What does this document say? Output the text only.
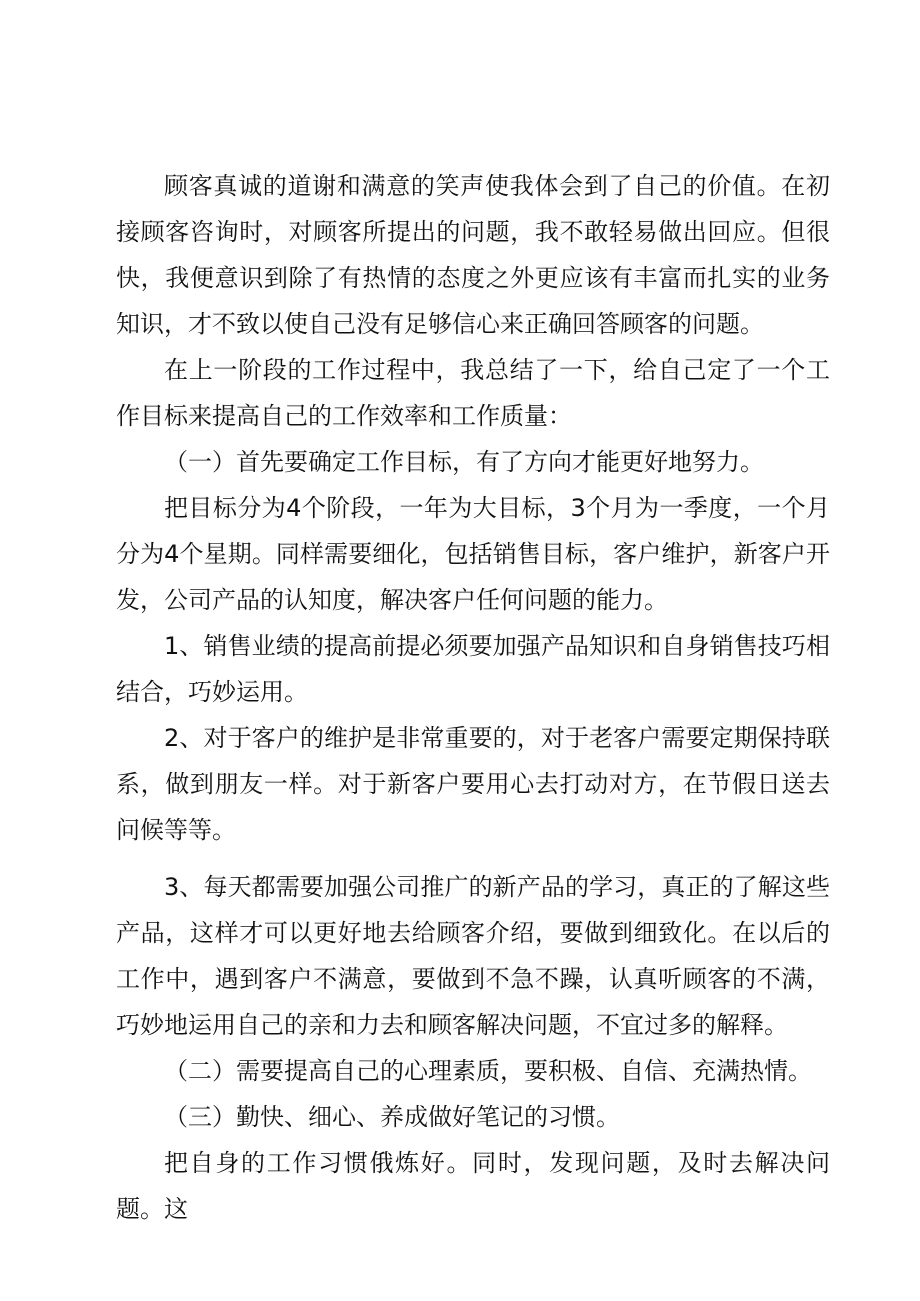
顾客真诚的道谢和满意的笑声使我体会到了自己的价值。在初接顾客咨询时，对顾客所提出的问题，我不敢轻易做出回应。但很快，我便意识到除了有热情的态度之外更应该有丰富而扎实的业务知识，才不致以使自己没有足够信心来正确回答顾客的问题。

在上一阶段的工作过程中，我总结了一下，给自己定了一个工作目标来提高自己的工作效率和工作质量：

（一）首先要确定工作目标，有了方向才能更好地努力。

把目标分为4个阶段，一年为大目标，3个月为一季度，一个月分为4个星期。同样需要细化，包括销售目标，客户维护，新客户开发，公司产品的认知度，解决客户任何问题的能力。

1、销售业绩的提高前提必须要加强产品知识和自身销售技巧相结合，巧妙运用。

2、对于客户的维护是非常重要的，对于老客户需要定期保持联系，做到朋友一样。对于新客户要用心去打动对方，在节假日送去问候等等。

3、每天都需要加强公司推广的新产品的学习，真正的了解这些产品，这样才可以更好地去给顾客介绍，要做到细致化。在以后的工作中，遇到客户不满意，要做到不急不躁，认真听顾客的不满，巧妙地运用自己的亲和力去和顾客解决问题，不宜过多的解释。

（二）需要提高自己的心理素质，要积极、自信、充满热情。

（三）勤快、细心、养成做好笔记的习惯。

把自身的工作习惯俄炼好。同时，发现问题，及时去解决问题。这
